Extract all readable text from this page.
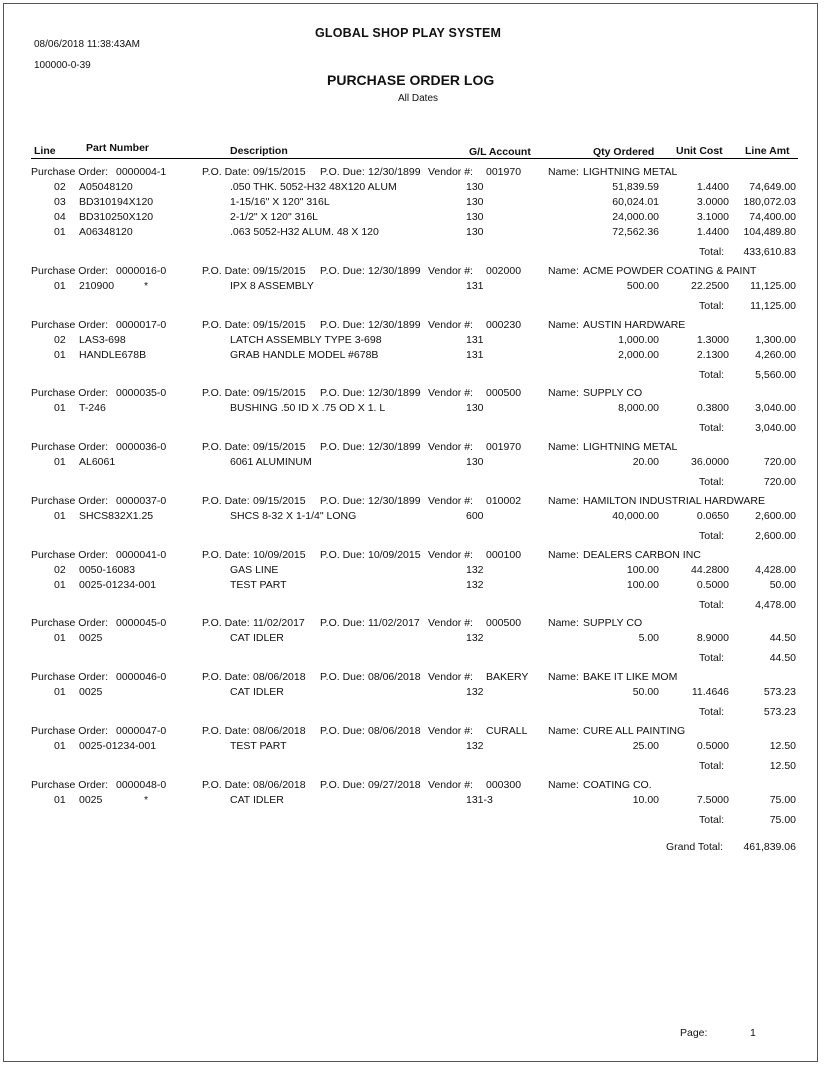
08/06/2018 11:38:43AM
100000-0-39
GLOBAL SHOP PLAY SYSTEM
PURCHASE ORDER LOG
All Dates
Line	Part Number	Description	G/L Account	Qty Ordered Unit Cost Line Amt
Purchase Order: 0000004-1	P.O. Date: 09/15/2015 P.O. Due: 12/30/1899 Vendor #: 001970	Name: LIGHTNING METAL
02 A05048120	.050 THK. 5052-H32 48X120 ALUM	130	51,839.59	1.4400	74,649.00
03 BD310194X120	1-15/16" X 120" 316L	130	60,024.01	3.0000	180,072.03
04 BD310250X120	2-1/2" X 120" 316L	130	24,000.00	3.1000	74,400.00
01 A06348120	.063 5052-H32 ALUM. 48 X 120	130	72,562.36	1.4400	104,489.80
Total:	433,610.83
Purchase Order: 0000016-0	P.O. Date: 09/15/2015 P.O. Due: 12/30/1899 Vendor #: 002000	Name: ACME POWDER COATING & PAINT
01 210900	*	IPX 8 ASSEMBLY	131	500.00	22.2500	11,125.00
Total:	11,125.00
Purchase Order: 0000017-0	P.O. Date: 09/15/2015 P.O. Due: 12/30/1899 Vendor #: 000230	Name: AUSTIN HARDWARE
02 LAS3-698	LATCH ASSEMBLY TYPE 3-698	131	1,000.00	1.3000	1,300.00
01 HANDLE678B	GRAB HANDLE MODEL #678B	131	2,000.00	2.1300	4,260.00
Total:	5,560.00
Purchase Order: 0000035-0	P.O. Date: 09/15/2015 P.O. Due: 12/30/1899 Vendor #: 000500	Name: SUPPLY CO
01 T-246	BUSHING .50 ID X .75 OD X 1. L	130	8,000.00	0.3800	3,040.00
Total:	3,040.00
Purchase Order: 0000036-0	P.O. Date: 09/15/2015 P.O. Due: 12/30/1899 Vendor #: 001970	Name: LIGHTNING METAL
01 AL6061	6061 ALUMINUM	130	20.00	36.0000	720.00
Total:	720.00
Purchase Order: 0000037-0	P.O. Date: 09/15/2015 P.O. Due: 12/30/1899 Vendor #: 010002	Name: HAMILTON INDUSTRIAL HARDWARE
01 SHCS832X1.25	SHCS 8-32 X 1-1/4" LONG	600	40,000.00	0.0650	2,600.00
Total:	2,600.00
Purchase Order: 0000041-0	P.O. Date: 10/09/2015 P.O. Due: 10/09/2015 Vendor #: 000100	Name: DEALERS CARBON INC
02 0050-16083	GAS LINE	132	100.00	44.2800	4,428.00
01 0025-01234-001	TEST PART	132	100.00	0.5000	50.00
Total:	4,478.00
Purchase Order: 0000045-0	P.O. Date: 11/02/2017 P.O. Due: 11/02/2017 Vendor #: 000500	Name: SUPPLY CO
01 0025	CAT IDLER	132	5.00	8.9000	44.50
Total:	44.50
Purchase Order: 0000046-0	P.O. Date: 08/06/2018 P.O. Due: 08/06/2018 Vendor #: BAKERY Name: BAKE IT LIKE MOM
01 0025	CAT IDLER	132	50.00	11.4646	573.23
Total:	573.23
Purchase Order: 0000047-0	P.O. Date: 08/06/2018 P.O. Due: 08/06/2018 Vendor #: CURALL Name: CURE ALL PAINTING
01 0025-01234-001	TEST PART	132	25.00	0.5000	12.50
Total:	12.50
Purchase Order: 0000048-0	P.O. Date: 08/06/2018 P.O. Due: 09/27/2018 Vendor #: 000300	Name: COATING CO.
01 0025	*	CAT IDLER	131-3	10.00	7.5000	75.00
Total:	75.00
Grand Total:	461,839.06
Page:	1
